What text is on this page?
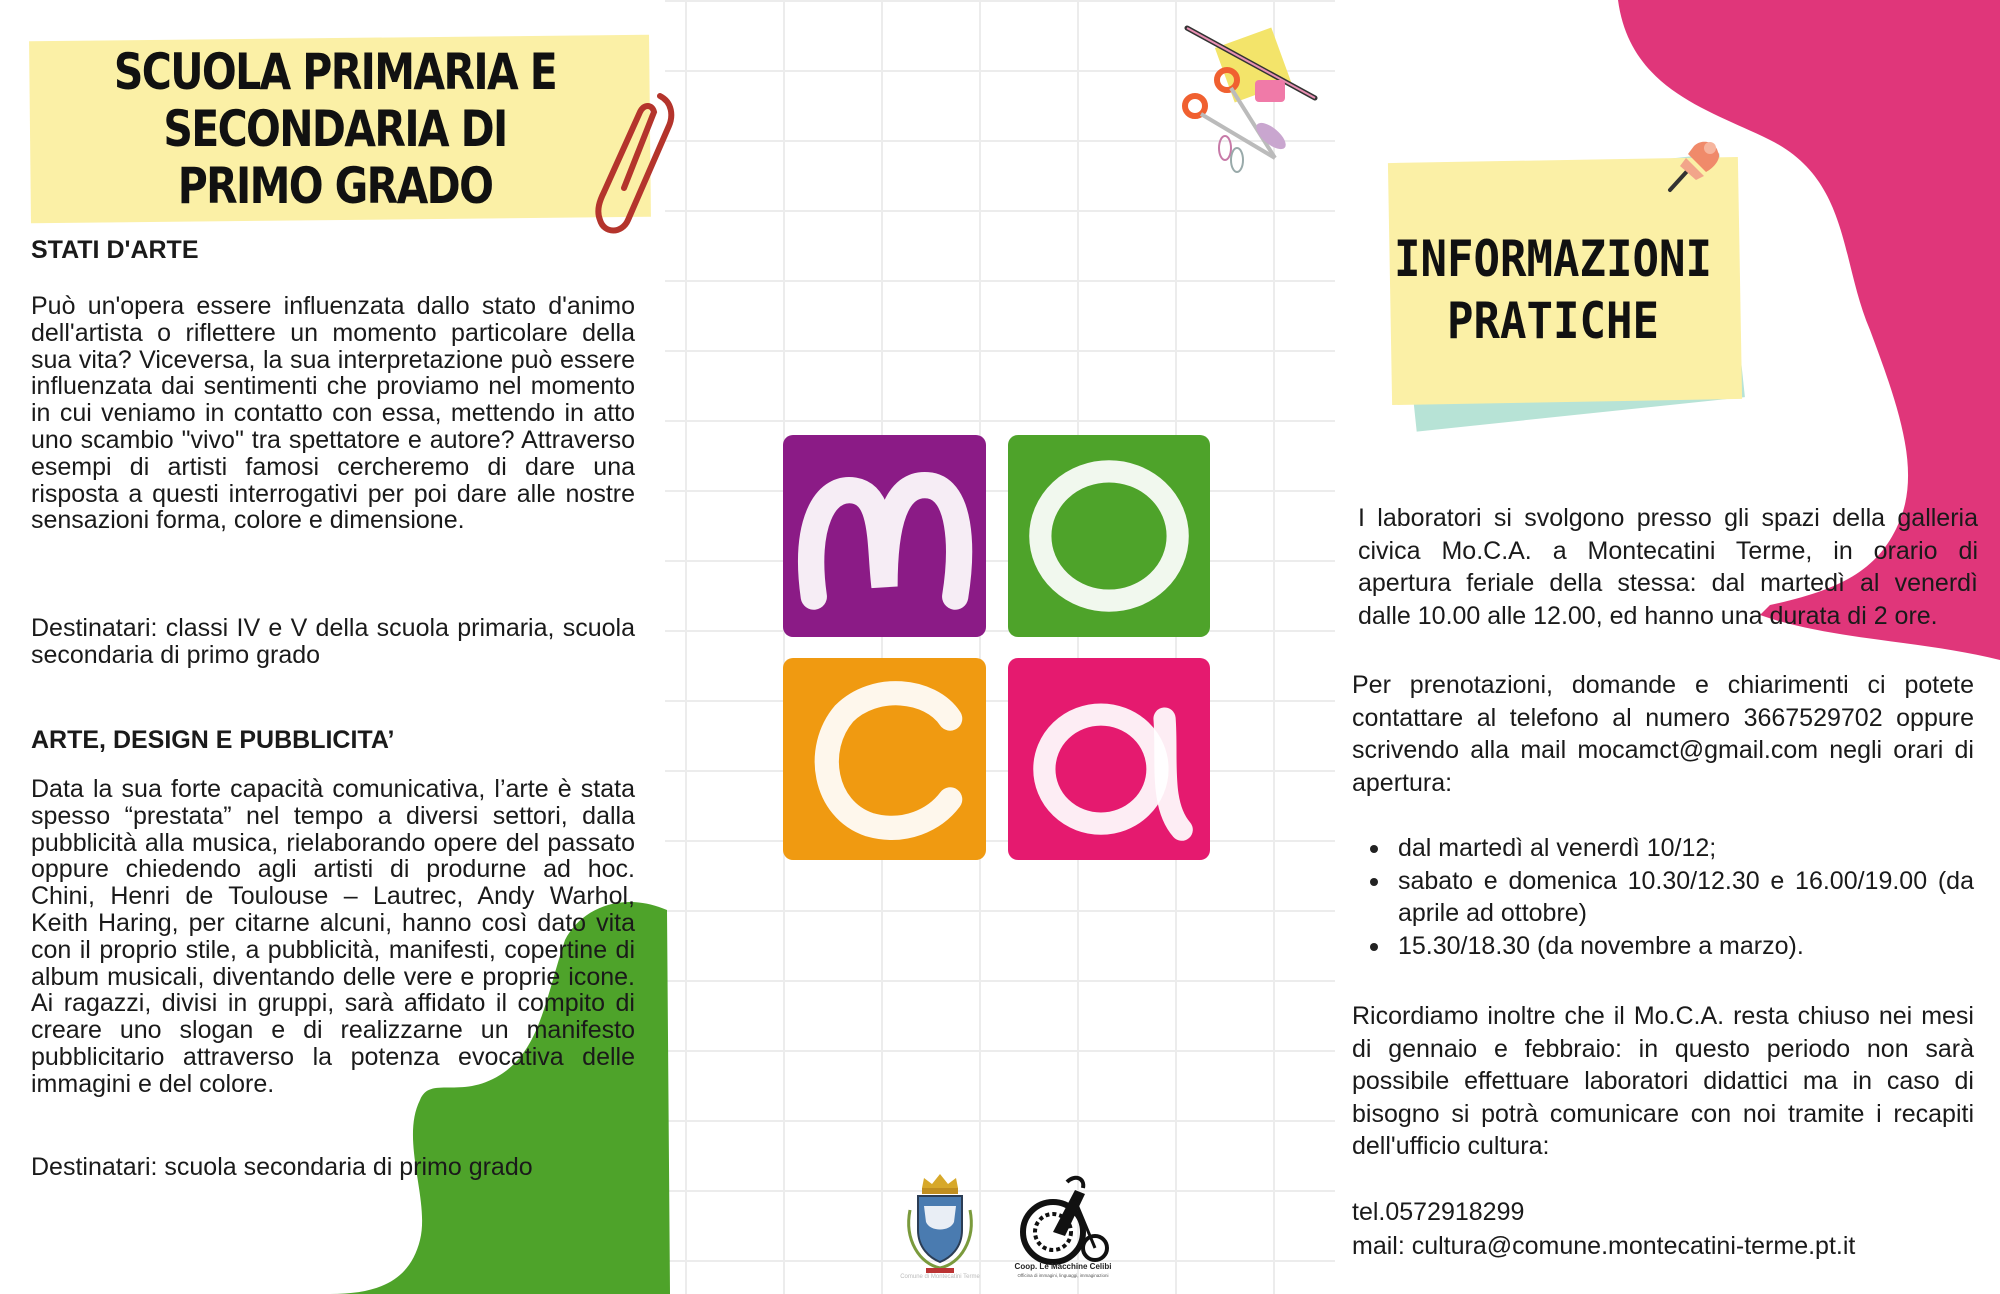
SCUOLA PRIMARIA E SECONDARIA DI PRIMO GRADO
STATI D'ARTE

Può un'opera essere influenzata dallo stato d'animo dell'artista o riflettere un momento particolare della sua vita? Viceversa, la sua interpretazione può essere influenzata dai sentimenti che proviamo nel momento in cui veniamo in contatto con essa, mettendo in atto uno scambio "vivo" tra spettatore e autore? Attraverso esempi di artisti famosi cercheremo di dare una risposta a questi interrogativi per poi dare alle nostre sensazioni forma, colore e dimensione.

Destinatari: classi IV e V della scuola primaria, scuola secondaria di primo grado

ARTE, DESIGN E PUBBLICITA’

Data la sua forte capacità comunicativa, l’arte è stata spesso “prestata” nel tempo a diversi settori, dalla pubblicità alla musica, rielaborando opere del passato oppure chiedendo agli artisti di produrne ad hoc. Chini, Henri de Toulouse – Lautrec, Andy Warhol, Keith Haring, per citarne alcuni, hanno così dato vita con il proprio stile, a pubblicità, manifesti, copertine di album musicali, diventando delle vere e proprie icone. Ai ragazzi, divisi in gruppi, sarà affidato il compito di creare uno slogan e di realizzarne un manifesto pubblicitario attraverso la potenza evocativa delle immagini e del colore.

Destinatari: scuola secondaria di primo grado

Comune di Montecatini Terme
Coop. Le Macchine Celibi
Officina di immagini, linguaggi, immaginazioni
INFORMAZIONI
PRATICHE

I laboratori si svolgono presso gli spazi della galleria civica Mo.C.A. a Montecatini Terme, in orario di apertura feriale della stessa: dal martedì al venerdì dalle 10.00 alle 12.00, ed hanno una durata di 2 ore.

Per prenotazioni, domande e chiarimenti ci potete contattare al telefono al numero 3667529702 oppure scrivendo alla mail mocamct@gmail.com negli orari di apertura:

dal martedì al venerdì 10/12;
sabato e domenica 10.30/12.30 e 16.00/19.00 (da aprile ad ottobre)
15.30/18.30 (da novembre a marzo).

Ricordiamo inoltre che il Mo.C.A. resta chiuso nei mesi di gennaio e febbraio: in questo periodo non sarà possibile effettuare laboratori didattici ma in caso di bisogno si potrà comunicare con noi tramite i recapiti dell'ufficio cultura:

tel.0572918299
mail: cultura@comune.montecatini-terme.pt.it
